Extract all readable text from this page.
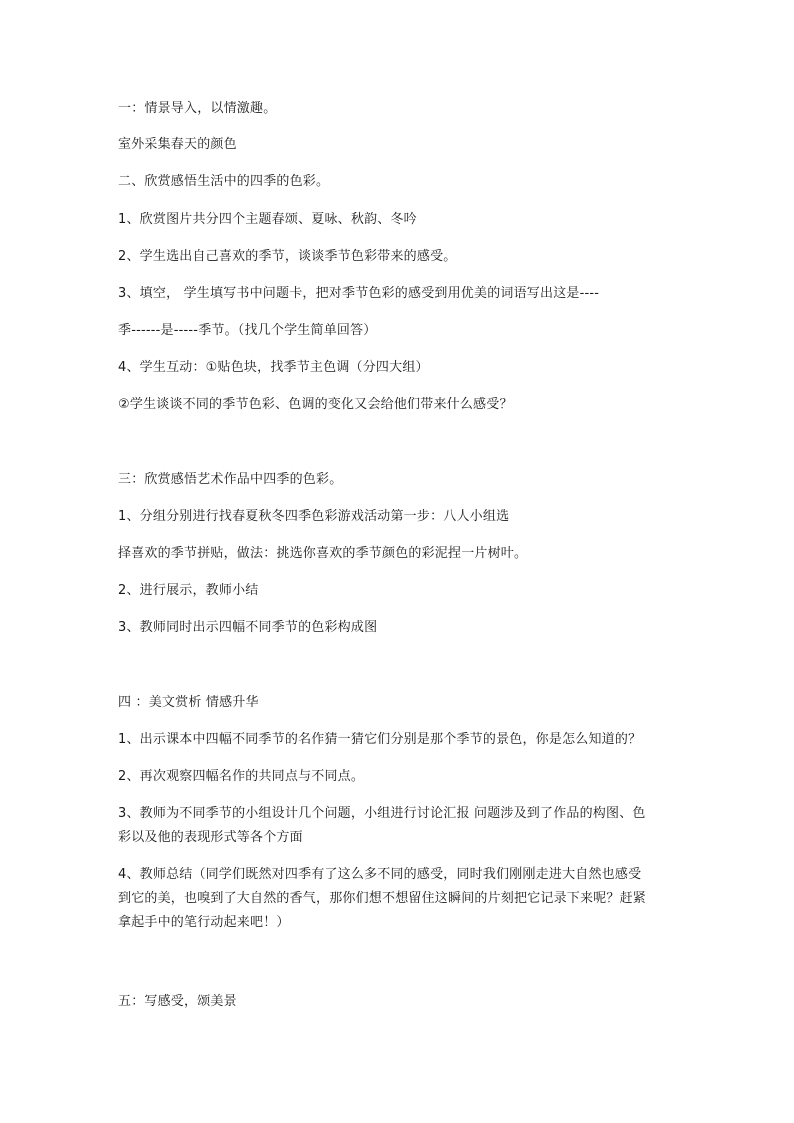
一：情景导入，以情激趣。
室外采集春天的颜色
二、欣赏感悟生活中的四季的色彩。
1、欣赏图片共分四个主题春颂、夏咏、秋韵、冬吟
2、学生选出自己喜欢的季节，谈谈季节色彩带来的感受。
3、填空， 学生填写书中问题卡，把对季节色彩的感受到用优美的词语写出这是----
季------是-----季节。（找几个学生简单回答）
4、学生互动：①贴色块，找季节主色调（分四大组）
②学生谈谈不同的季节色彩、色调的变化又会给他们带来什么感受？
三：欣赏感悟艺术作品中四季的色彩。
1、分组分别进行找春夏秋冬四季色彩游戏活动第一步：八人小组选
择喜欢的季节拼贴，做法：挑选你喜欢的季节颜色的彩泥捏一片树叶。
2、进行展示，教师小结
3、教师同时出示四幅不同季节的色彩构成图
四 ：美文赏析 情感升华
1、出示课本中四幅不同季节的名作猜一猜它们分别是那个季节的景色，你是怎么知道的？
2、再次观察四幅名作的共同点与不同点。
3、教师为不同季节的小组设计几个问题，小组进行讨论汇报 问题涉及到了作品的构图、色
彩以及他的表现形式等各个方面
4、教师总结（同学们既然对四季有了这么多不同的感受，同时我们刚刚走进大自然也感受
到它的美，也嗅到了大自然的香气，那你们想不想留住这瞬间的片刻把它记录下来呢？赶紧
拿起手中的笔行动起来吧！）
五：写感受，颂美景
